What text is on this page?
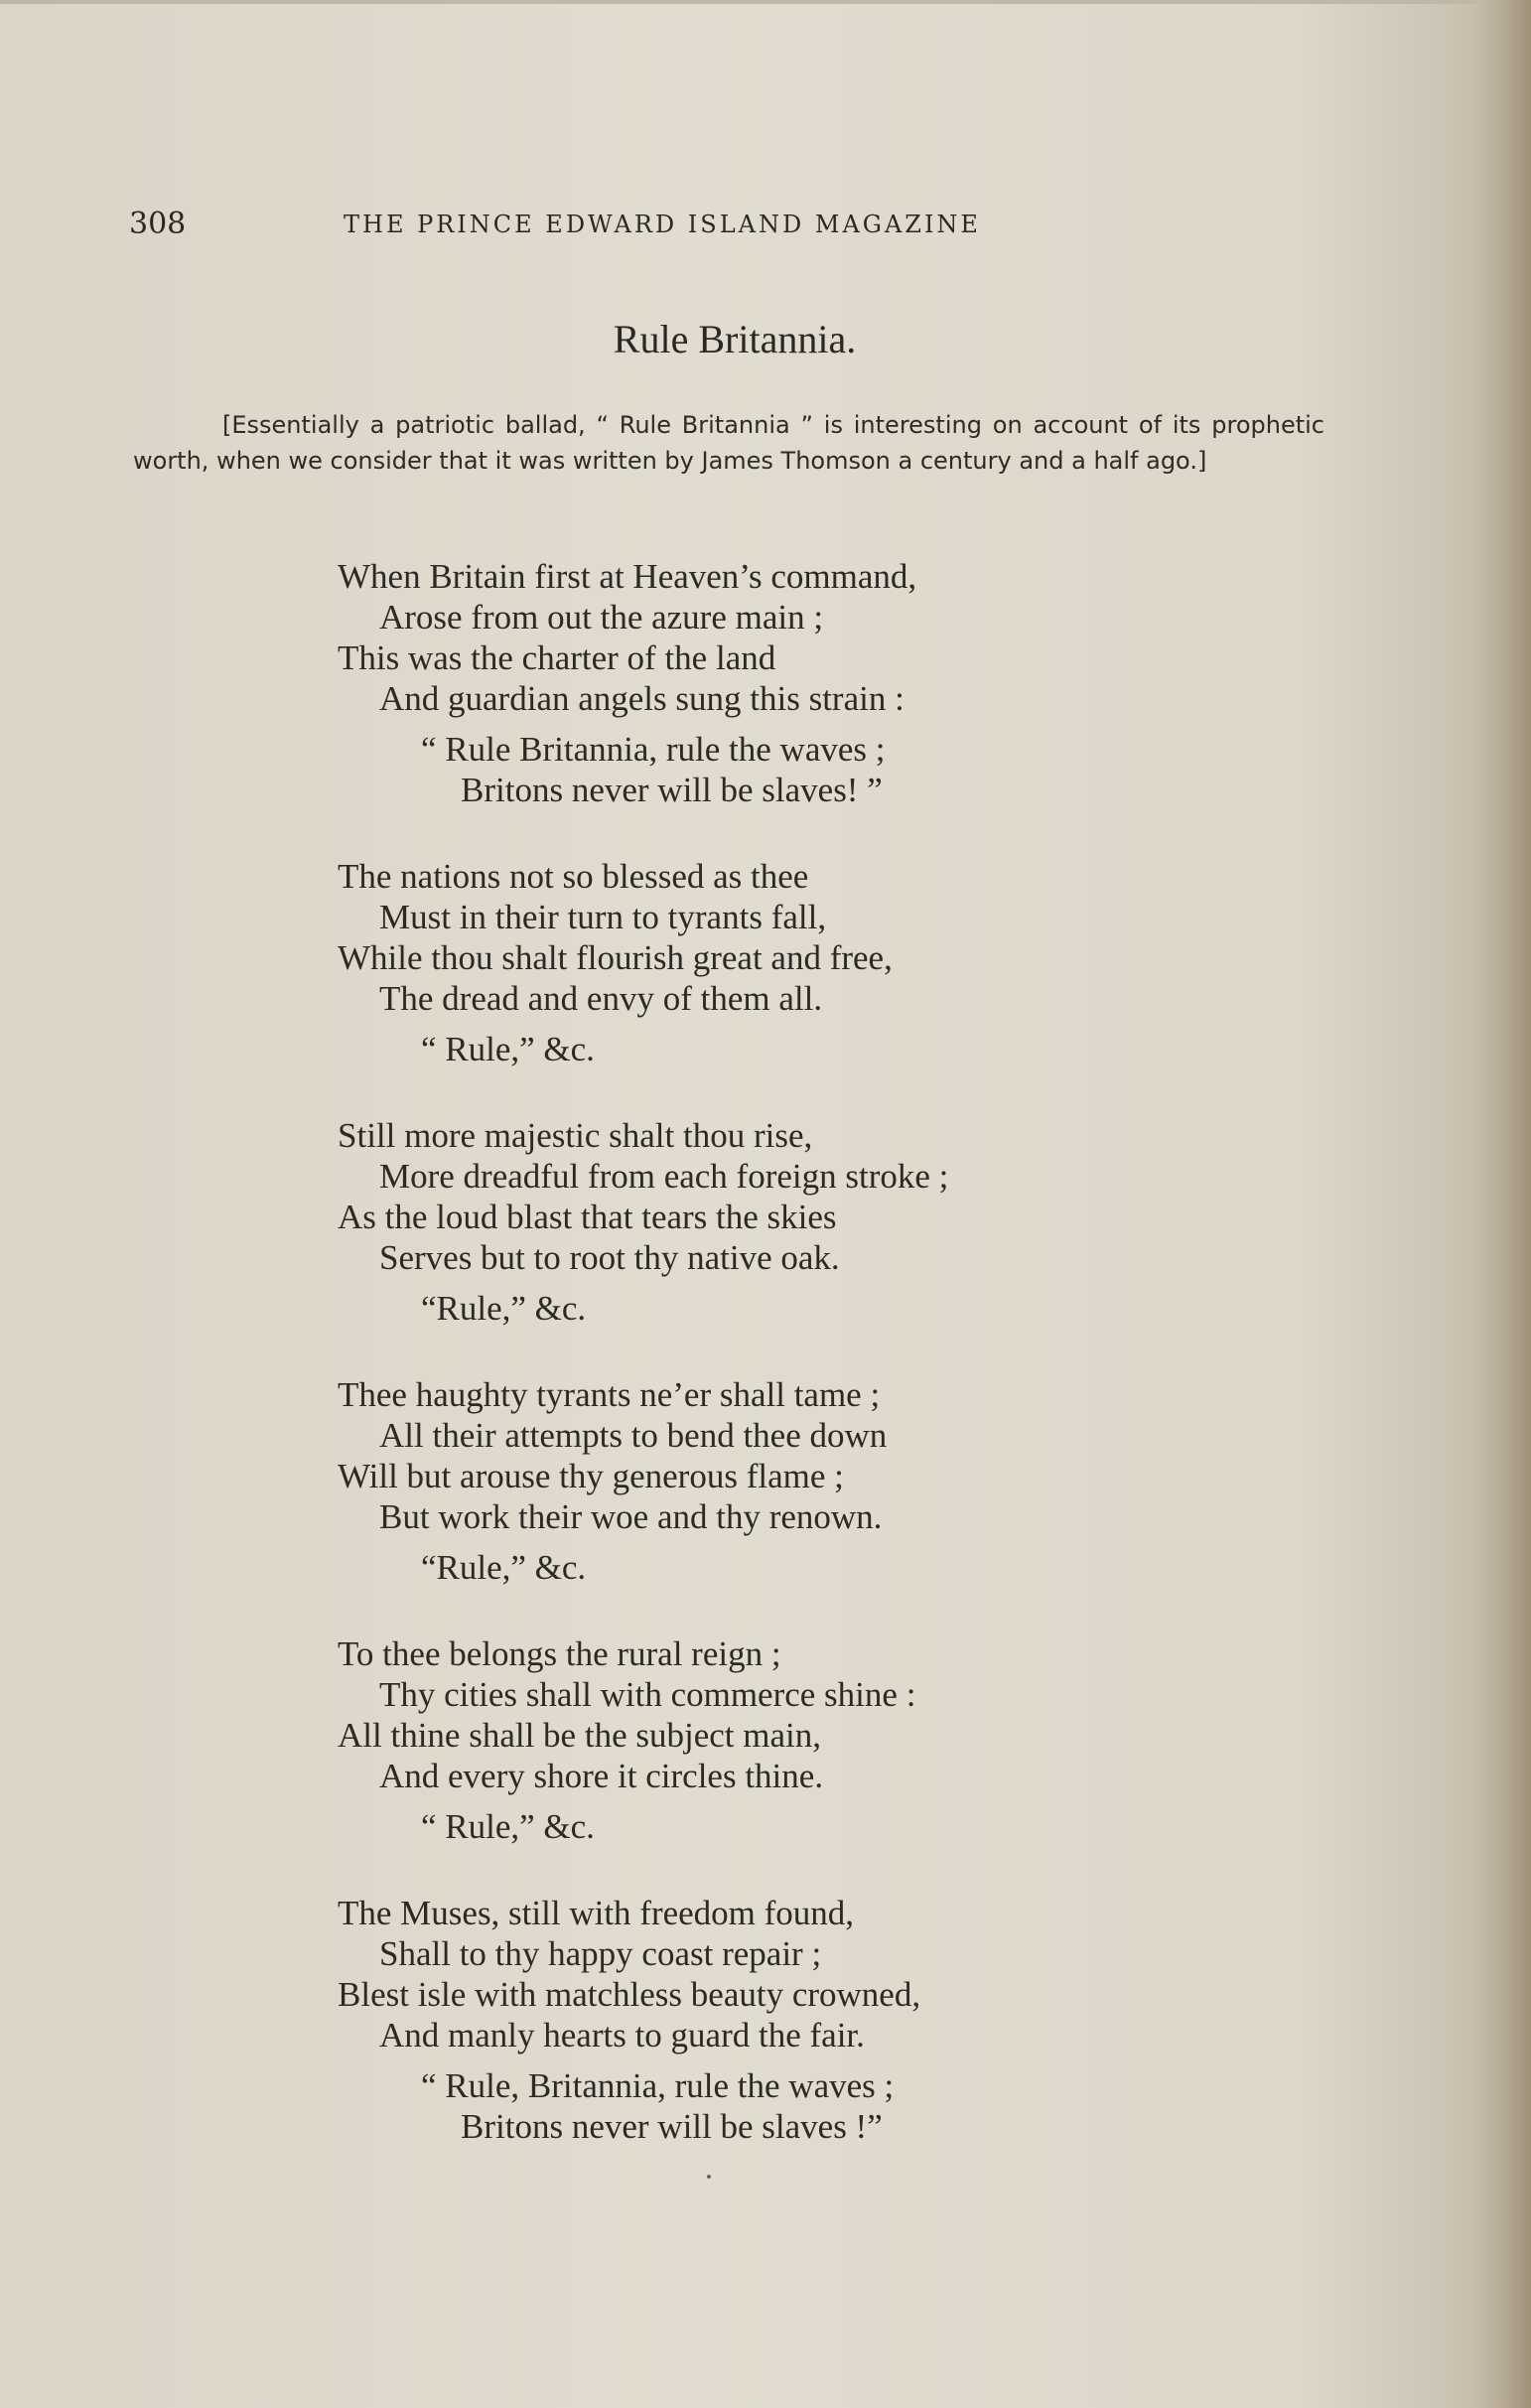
308	THE PRINCE EDWARD ISLAND MAGAZINE
Rule Britannia.
[Essentially a patriotic ballad, “ Rule Britannia ” is interesting on account of its prophetic worth, when we consider that it was written by James Thomson a century and a half ago.]
When Britain first at Heaven’s command,
Arose from out the azure main ;
This was the charter of the land
And guardian angels sung this strain :
“ Rule Britannia, rule the waves ;
Britons never will be slaves! ”
The nations not so blessed as thee
Must in their turn to tyrants fall,
While thou shalt flourish great and free,
The dread and envy of them all.
“ Rule,” &c.
Still more majestic shalt thou rise,
More dreadful from each foreign stroke ;
As the loud blast that tears the skies
Serves but to root thy native oak.
“Rule,” &c.
Thee haughty tyrants ne’er shall tame ;
All their attempts to bend thee down
Will but arouse thy generous flame ;
But work their woe and thy renown.
“Rule,” &c.
To thee belongs the rural reign ;
Thy cities shall with commerce shine :
All thine shall be the subject main,
And every shore it circles thine.
“ Rule,” &c.
The Muses, still with freedom found,
Shall to thy happy coast repair ;
Blest isle with matchless beauty crowned,
And manly hearts to guard the fair.
“ Rule, Britannia, rule the waves ;
Britons never will be slaves !”
